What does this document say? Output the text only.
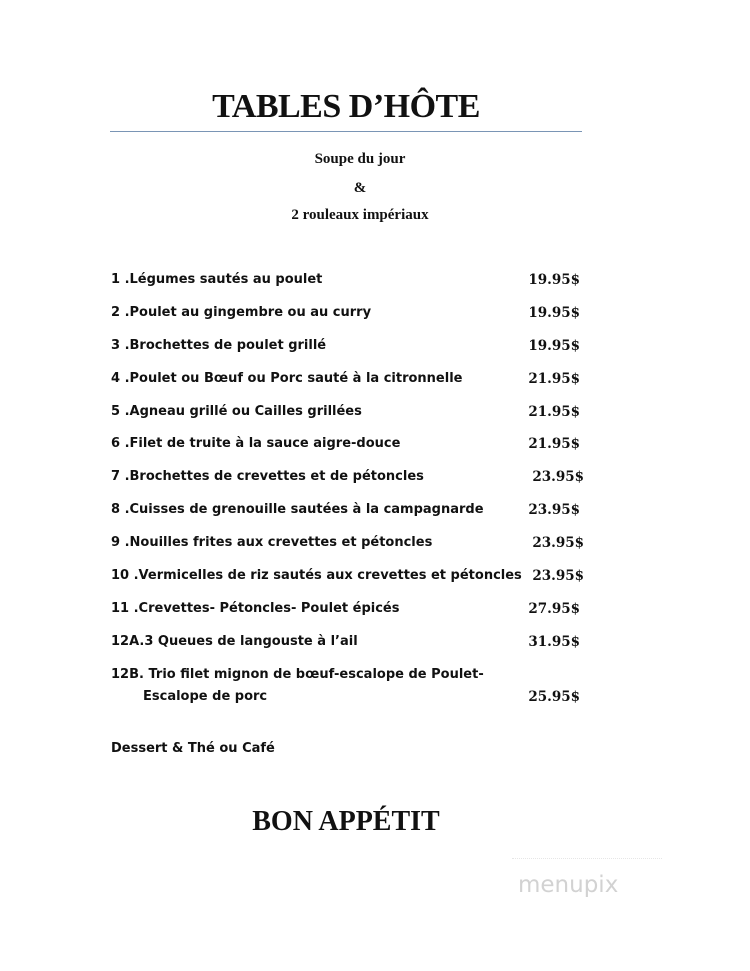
TABLES D’HÔTE
Soupe du jour
&
2 rouleaux impériaux
1 .Légumes sautés au poulet	19.95$
2 .Poulet au gingembre ou au curry	19.95$
3 .Brochettes de poulet grillé	19.95$
4 .Poulet ou Bœuf ou Porc sauté à la citronnelle	21.95$
5 .Agneau grillé ou Cailles grillées	21.95$
6 .Filet de truite à la sauce aigre-douce	21.95$
7 .Brochettes de crevettes et de pétoncles	23.95$
8 .Cuisses de grenouille sautées à la campagnarde	23.95$
9 .Nouilles frites aux crevettes et pétoncles	23.95$
10 .Vermicelles de riz sautés aux crevettes et pétoncles 23.95$
11 .Crevettes- Pétoncles- Poulet épicés	27.95$
12A.3 Queues de langouste à l’ail	31.95$
12B. Trio filet mignon de bœuf-escalope de Poulet-
Escalope de porc	25.95$
Dessert & Thé ou Café
BON APPÉTIT
menupix
